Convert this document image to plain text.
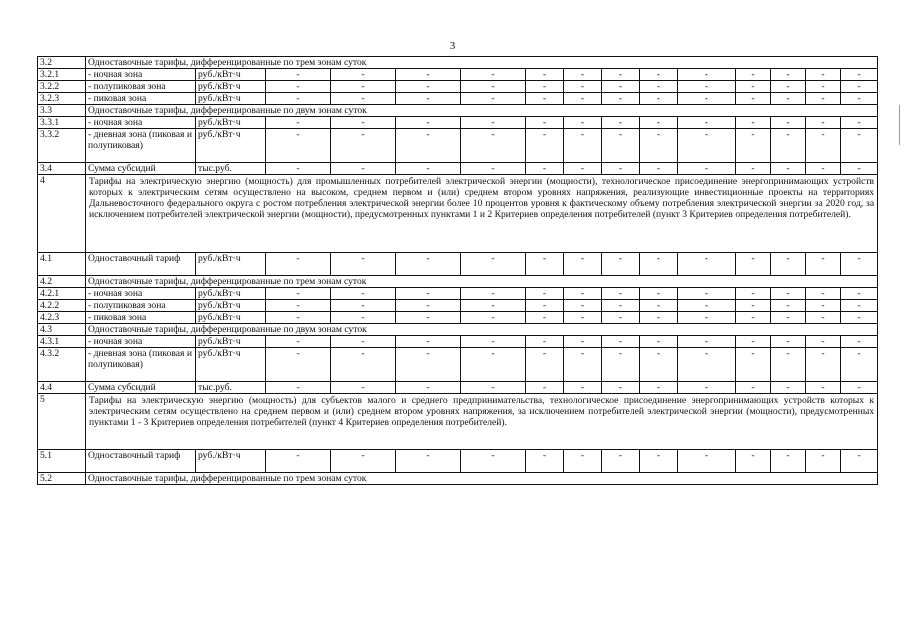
3
3.2	Одноставочные тарифы, дифференцированные по трем зонам суток														
3.2.1	- ночная зона	руб./кВт·ч	-	-	-	-	-	-	-	-	-	-	-	-	-
3.2.2	- полупиковая зона	руб./кВт·ч	-	-	-	-	-	-	-	-	-	-	-	-	-
3.2.3	- пиковая зона	руб./кВт·ч	-	-	-	-	-	-	-	-	-	-	-	-	-
3.3	Одноставочные тарифы, дифференцированные по двум зонам суток														
3.3.1	- ночная зона	руб./кВт·ч	-	-	-	-	-	-	-	-	-	-	-	-	-
3.3.2	- дневная зона (пиковая и полупиковая)	руб./кВт·ч	-	-	-	-	-	-	-	-	-	-	-	-	-
3.4	Сумма субсидий	тыс.руб.	-	-	-	-	-	-	-	-	-	-	-	-	-
4	Тарифы на электрическую энергию (мощность) для промышленных потребителей электрической энергии (мощности), технологическое присоединение энергопринимающих устройств которых к электрическим сетям осуществлено на высоком, среднем первом и (или) среднем втором уровнях напряжения, реализующие инвестиционные проекты на территориях Дальневосточного федерального округа с ростом потребления электрической энергии более 10 процентов уровня к фактическому объему потребления электрической энергии за 2020 год, за исключением потребителей электрической энергии (мощности), предусмотренных пунктами 1 и 2 Критериев определения потребителей (пункт 3 Критериев определения потребителей).														
4.1	Одноставочный тариф	руб./кВт·ч	-	-	-	-	-	-	-	-	-	-	-	-	-
4.2	Одноставочные тарифы, дифференцированные по трем зонам суток														
4.2.1	- ночная зона	руб./кВт·ч	-	-	-	-	-	-	-	-	-	-	-	-	-
4.2.2	- полупиковая зона	руб./кВт·ч	-	-	-	-	-	-	-	-	-	-	-	-	-
4.2.3	- пиковая зона	руб./кВт·ч	-	-	-	-	-	-	-	-	-	-	-	-	-
4.3	Одноставочные тарифы, дифференцированные по двум зонам суток														
4.3.1	- ночная зона	руб./кВт·ч	-	-	-	-	-	-	-	-	-	-	-	-	-
4.3.2	- дневная зона (пиковая и полупиковая)	руб./кВт·ч	-	-	-	-	-	-	-	-	-	-	-	-	-
4.4	Сумма субсидий	тыс.руб.	-	-	-	-	-	-	-	-	-	-	-	-	-
5	Тарифы на электрическую энергию (мощность) для субъектов малого и среднего предпринимательства, технологическое присоединение энергопринимающих устройств которых к электрическим сетям осуществлено на среднем первом и (или) среднем втором уровнях напряжения, за исключением потребителей электрической энергии (мощности), предусмотренных пунктами 1 - 3 Критериев определения потребителей (пункт 4 Критериев определения потребителей).														
5.1	Одноставочный тариф	руб./кВт·ч	-	-	-	-	-	-	-	-	-	-	-	-	-
5.2	Одноставочные тарифы, дифференцированные по трем зонам суток														
